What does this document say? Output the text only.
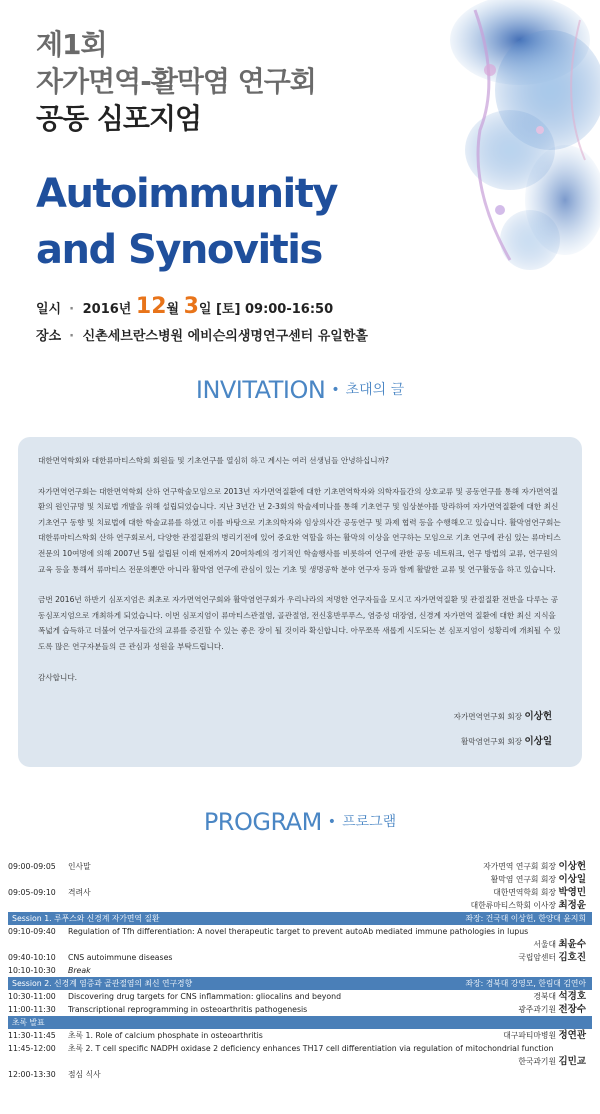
제1회
자가면역-활막염 연구회
공동 심포지엄
Autoimmunity
and Synovitis
일시 · 2016년 12월 3일 [토] 09:00-16:50
장소 · 신촌세브란스병원 에비슨의생명연구센터 유일한홀
INVITATION • 초대의 글

대한면역학회와 대한류마티스학회 회원들 및 기초연구를 열심히 하고 계시는 여러 선생님들 안녕하십니까?

자가면역연구회는 대한면역학회 산하 연구학술모임으로 2013년 자가면역질환에 대한 기초면역학자와 의학자들간의 상호교류 및 공동연구를 통해 자가면역질환의 원인규명 및 치료법 개발을 위해 설립되었습니다. 지난 3년간 년 2-3회의 학술세미나를 통해 기초연구 및 임상분야를 망라하여 자가면역질환에 대한 최신 기초연구 동향 및 치료법에 대한 학술교류를 하였고 이를 바탕으로 기초의학자와 임상의사간 공동연구 및 과제 협력 등을 수행해오고 있습니다. 활막염연구회는 대한류마티스학회 산하 연구회로서, 다양한 관절질환의 병리기전에 있어 중요한 역할을 하는 활막의 이상을 연구하는 모임으로 기초 연구에 관심 있는 류마티스 전문의 10여명에 의해 2007년 5월 설립된 이래 현재까지 20여차례의 정기적인 학술행사를 비롯하여 연구에 관한 공동 네트워크, 연구 방법의 교류, 연구원의 교육 등을 통해서 류마티스 전문의뿐만 아니라 활막염 연구에 관심이 있는 기초 및 생명공학 분야 연구자 등과 함께 활발한 교류 및 연구활동을 하고 있습니다.

금번 2016년 하반기 심포지엄은 최초로 자가면역연구회와 활막염연구회가 우리나라의 저명한 연구자들을 모시고 자가면역질환 및 관절질환 전반을 다루는 공동심포지엄으로 개최하게 되었습니다. 이번 심포지엄이 류마티스관절염, 골관절염, 전신홍반루푸스, 염증성 대장염, 신경계 자가면역 질환에 대한 최신 지식을 폭넓게 습득하고 더불어 연구자들간의 교류를 증진할 수 있는 좋은 장이 될 것이라 확신합니다. 아무쪼록 새롭게 시도되는 본 심포지엄이 성황리에 개최될 수 있도록 많은 연구자분들의 큰 관심과 성원을 부탁드립니다.

감사합니다.

자가면역연구회 회장 이상헌
활막염연구회 회장 이상일
PROGRAM • 프로그램
09:00-09:05 인사말	자가면역 연구회 회장 이상헌
활막염 연구회 회장 이상일
09:05-09:10 격려사	대한면역학회 회장 박영민
대한류마티스학회 이사장 최정윤
Session 1. 루푸스와 신경계 자가면역 질환	좌장: 건국대 이상헌, 한양대 윤지희
09:10-09:40 Regulation of Tfh differentiation: A novel therapeutic target to prevent autoAb mediated immune pathologies in lupus
서울대 최윤수
09:40-10:10 CNS autoimmune diseases	국립암센터 김호진
10:10-10:30 Break
Session 2. 신경계 염증과 골관절염의 최신 연구경향	좌장: 경북대 강영모, 한림대 김연아
10:30-11:00 Discovering drug targets for CNS inflammation: gliocalins and beyond	경북대 석경호
11:00-11:30 Transcriptional reprogramming in osteoarthritis pathogenesis	광주과기원 전장수
초록 발표
11:30-11:45 초록 1. Role of calcium phosphate in osteoarthritis	대구파티마병원 정연관
11:45-12:00 초록 2. T cell specific NADPH oxidase 2 deficiency enhances TH17 cell differentiation via regulation of mitochondrial function
한국과기원 김민교
12:00-13:30 점심 식사
